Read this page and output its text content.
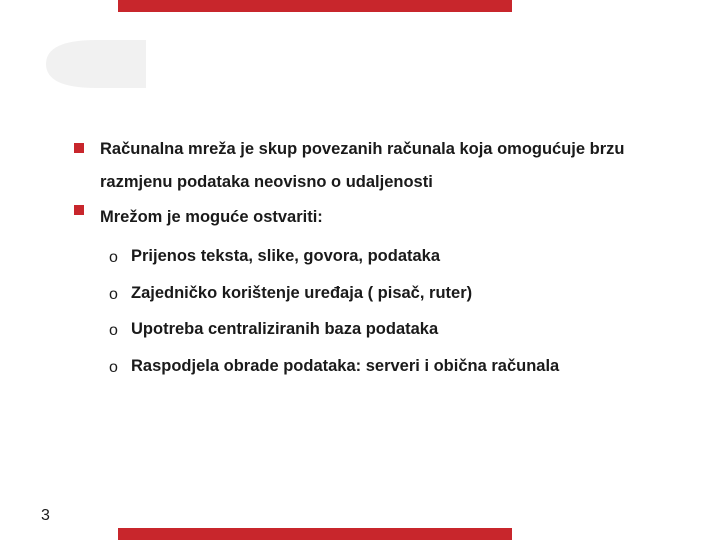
Računalna mreža je skup povezanih računala koja omogućuje brzu
razmjenu podataka neovisno o udaljenosti
Mrežom je moguće ostvariti:
o Prijenos teksta, slike, govora, podataka
o Zajedničko korištenje uređaja ( pisač, ruter)
o Upotreba centraliziranih baza podataka
o Raspodjela obrade podataka: serveri i obična računala
3
